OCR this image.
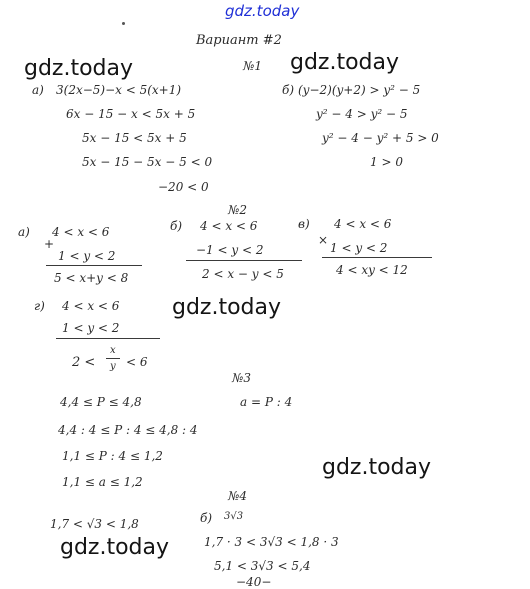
gdz.today
Вариант #2
gdz.today	gdz.today
gdz.today
gdz.today
gdz.today
№1
а) 3(2x−5)−x < 5(x+1)
6x − 15 − x < 5x + 5
5x − 15 < 5x + 5
5x − 15 − 5x − 5 < 0
−20 < 0
б) (y−2)(y+2) > y² − 5
y² − 4 > y² − 5
y² − 4 − y² + 5 > 0
1 > 0
№2
а) 4 < x < 6
+
1 < y < 2
5 < x+y < 8
б) 4 < x < 6
−1 < y < 2
2 < x − y < 5
в) 4 < x < 6
×
1 < y < 2
4 < xy < 12
г) 4 < x < 6
1 < y < 2
2 <
x
y < 6
№3
a = P : 4
4,4 ≤ P ≤ 4,8
4,4 : 4 ≤ P : 4 ≤ 4,8 : 4
1,1 ≤ P : 4 ≤ 1,2
1,1 ≤ a ≤ 1,2
№4
1,7 < √3 < 1,8	б) 3√3
1,7 · 3 < 3√3 < 1,8 · 3
5,1 < 3√3 < 5,4
−40−
